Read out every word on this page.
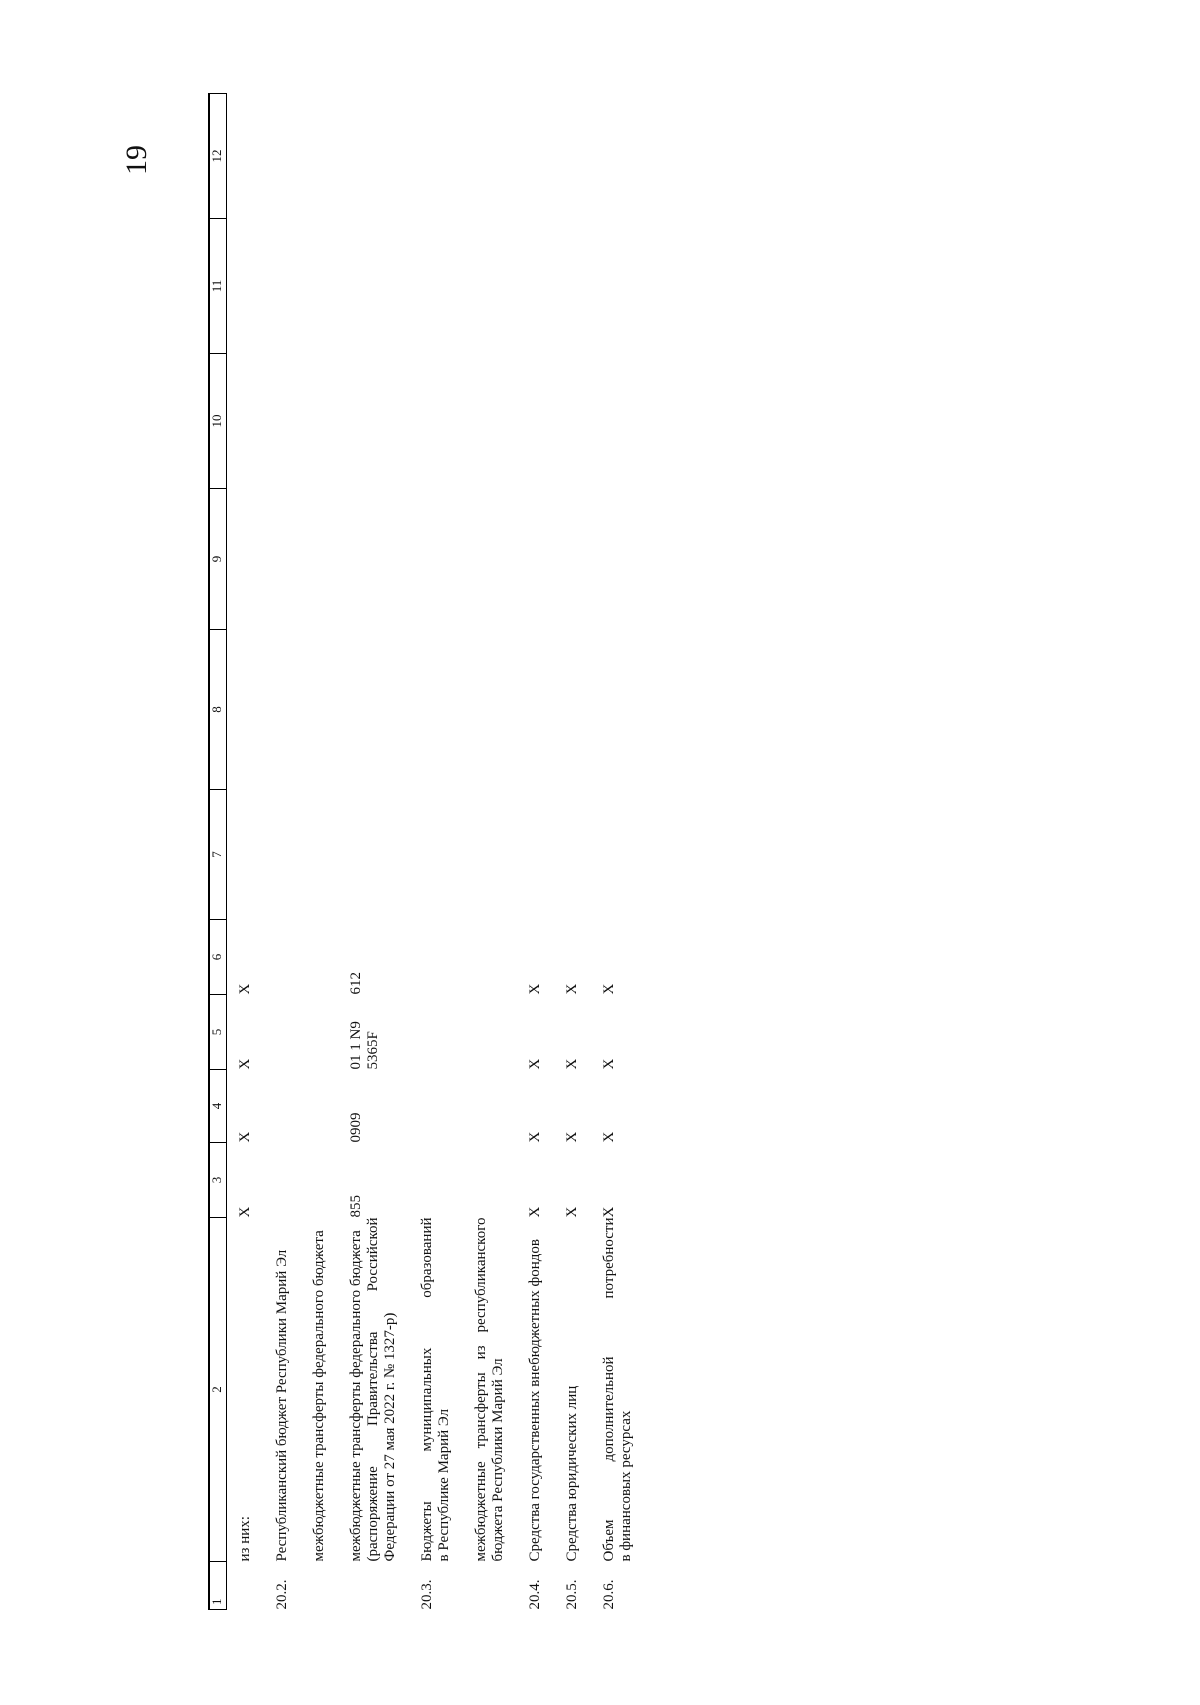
19
1	2	3	4	5	6	7	8	9	10	11	12

	из них:	X	X	X	X						
20.2.	Республиканский бюджет Республики Марий Эл										

	межбюджетные трансферты федерального бюджета										

	межбюджетные трансферты федерального бюджета (распоряжение Правительства Российской Федерации от 27 мая 2022 г. № 1327-р)	855	0909	01 1 N9 5365F	612						
20.3.	Бюджеты муниципальных образований в Республике Марий Эл										

	межбюджетные трансферты из республиканского бюджета Республики Марий Эл										

20.4.	Средства государственных внебюджетных фондов	X	X	X	X						
20.5.	Средства юридических лиц	X	X	X	X						
20.6.	Объем дополнительной потребности в финансовых ресурсах	X	X	X	X						
